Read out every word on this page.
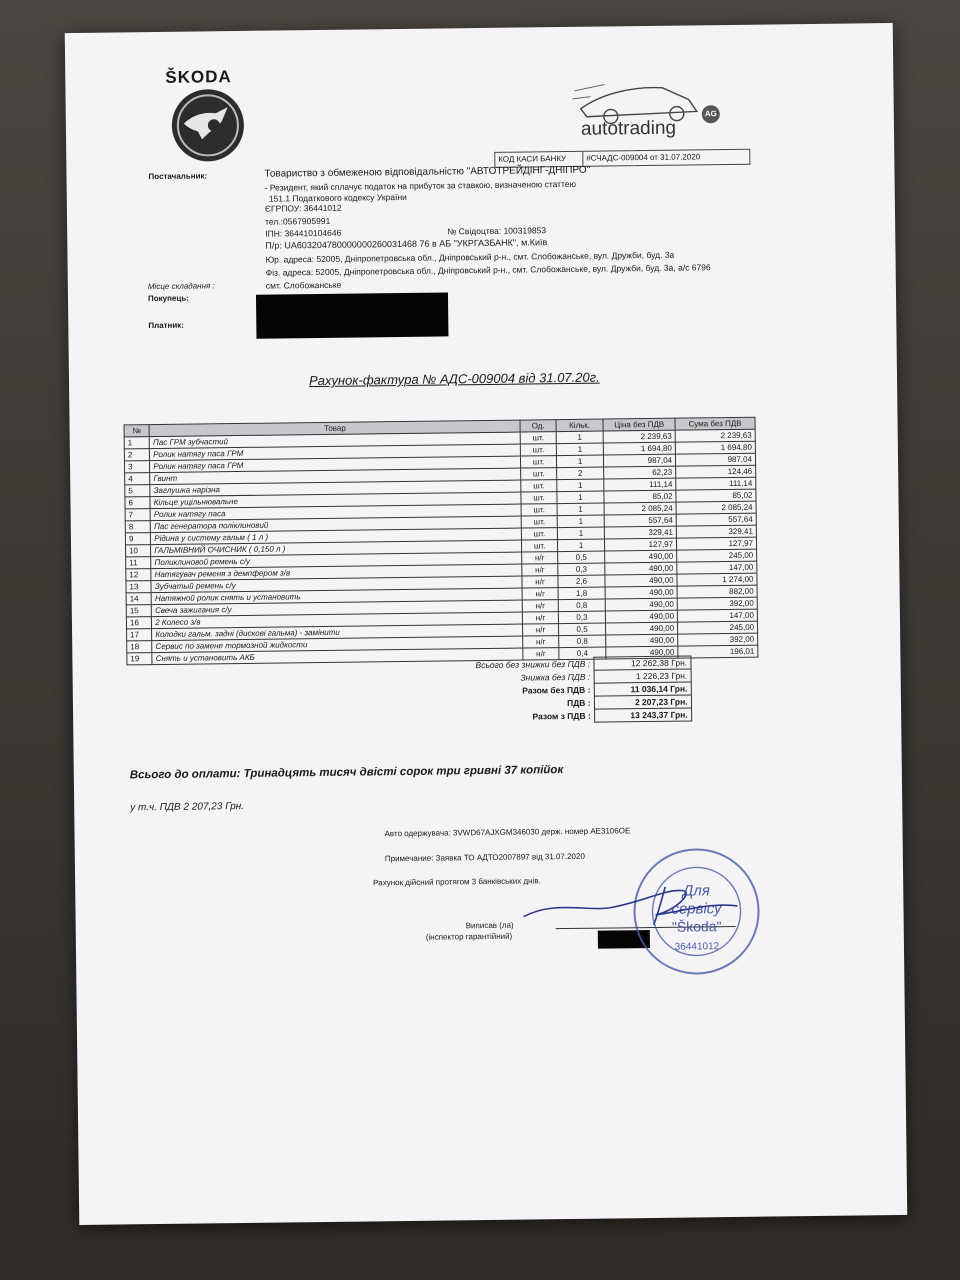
ŠKODA
autotrading
AG
КОД КАСИ БАНКУ	#СЧАДС-009004 от 31.07.2020
Постачальник:	Товариство з обмеженою відповідальністю "АВТОТРЕЙДІНГ-ДНІПРО"
- Резидент, який сплачує податок на прибуток за ставкою, визначеною статтею
151.1 Податкового кодексу України
ЄГРПОУ: 36441012
тел.:0567905991
ІПН: 364410104646	№ Свідоцтва: 100319853
П/р: UA603204780000000260031468 76 в АБ "УКРГАЗБАНК", м.Київ
Юр. адреса: 52005, Дніпропетровська обл., Дніпровський р-н., смт. Слобожанське, вул. Дружби, буд. 3а
Фіз. адреса: 52005, Дніпропетровська обл., Дніпровський р-н., смт. Слобожанське, вул. Дружби, буд. 3а, а/с 6796
Місце складання :	смт. Слобожанське
Покупець:
Платник:
Рахунок-фактура № АДС-009004 від 31.07.20г.
№	Товар	Од.	Кільк.	Ціна без ПДВ	Сума без ПДВ
1	Пас ГРМ зубчастий	шт.	1	2 239,63	2 239,63
2	Ролик натягу паса ГРМ	шт.	1	1 694,80	1 694,80
3	Ролик натягу паса ГРМ	шт.	1	987,04	987,04
4	Гвинт	шт.	2	62,23	124,46
5	Заглушка нарізна	шт.	1	111,14	111,14
6	Кільце ущільнювальне	шт.	1	85,02	85,02
7	Ролик натягу паса	шт.	1	2 085,24	2 085,24
8	Пас генератора поліклиновий	шт.	1	557,64	557,64
9	Рідина у систему гальм ( 1 л )	шт.	1	329,41	329,41
10	ГАЛЬМІВНИЙ ОЧИСНИК ( 0,150 л )	шт.	1	127,97	127,97
11	Поликлиновой ремень с/у	н/г	0,5	490,00	245,00
12	Натягувач ременя з демпфером з/в	н/г	0,3	490,00	147,00
13	Зубчатый ремень с/у	н/г	2,6	490,00	1 274,00
14	Натяжной ролик снять и установить	н/г	1,8	490,00	882,00
15	Свеча зажигания с/у	н/г	0,8	490,00	392,00
16	2 Колесо з/в	н/г	0,3	490,00	147,00
17	Колодки гальм. задні (дискові гальма) - замінити	н/г	0,5	490,00	245,00
18	Сервис по замене тормозной жидкости	н/г	0,8	490,00	392,00
19	Снять и установить АКБ	н/г	0,4	490,00	196,01
Всього без знижки без ПДВ :	12 262,38 Грн.
Знижка без ПДВ :	1 226,23 Грн.
Разом без ПДВ :	11 036,14 Грн.
ПДВ :	2 207,23 Грн.
Разом з ПДВ :	13 243,37 Грн.
Всього до оплати: Тринадцять тисяч двісті сорок три гривні 37 копійок
у т.ч. ПДВ 2 207,23 Грн.
Авто одержувача: 3VWD67AJXGM346030 держ. номер АЕ3106ОЕ
Примечание: Заявка ТО АДТО2007897 від 31.07.2020
Рахунок дійсний протягом 3 банківських днів.
Виписав (ла)
(інспектор гарантійний)
Для
сервісу
"Škoda"
36441012
